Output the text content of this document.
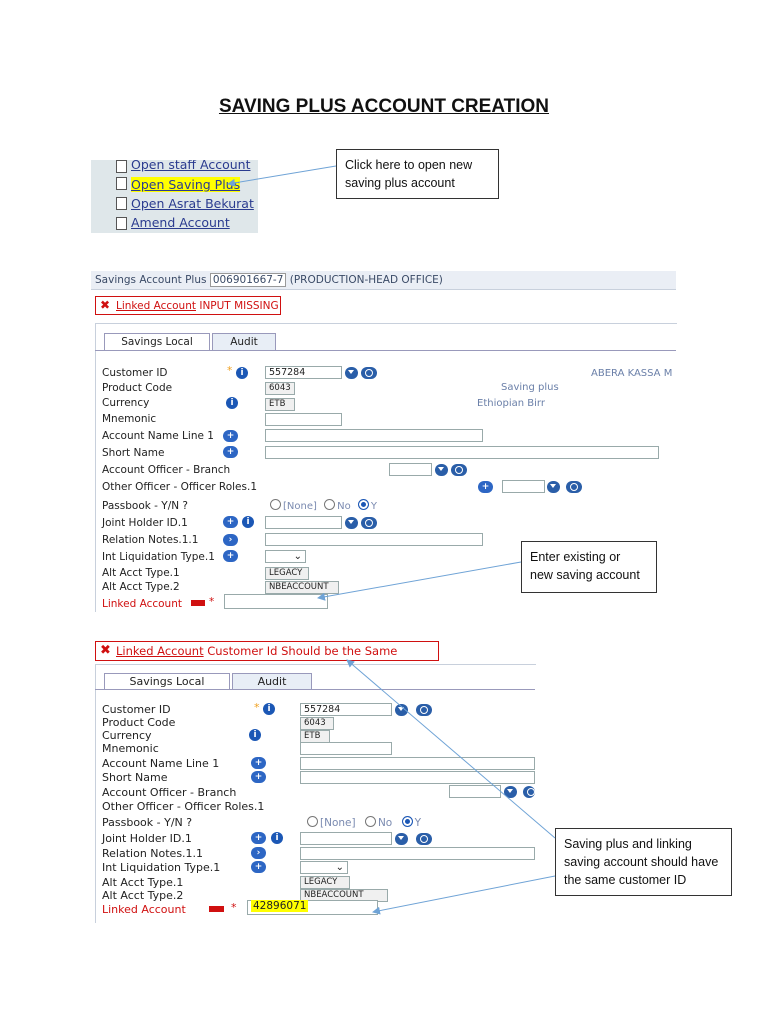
SAVING PLUS ACCOUNT CREATION
Open staff Account
Open Saving Plus
Open Asrat Bekurat
Amend Account
Click here to open new
saving plus account
Savings Account Plus 006901667-7 (PRODUCTION-HEAD OFFICE)
✖ Linked Account INPUT MISSING
Savings Local	Audit
Customer ID	* i	557284	ABERA KASSA M
Product Code	6043	Saving plus
Currency	i	ETB	Ethiopian Birr
Mnemonic
Account Name Line 1	+
Short Name	+
Account Officer - Branch
Other Officer - Officer Roles.1	+
Passbook - Y/N ?	[None] No Y
Joint Holder ID.1	+	i
Relation Notes.1.1	›
Int Liquidation Type.1	+	⌄
Alt Acct Type.1	LEGACY
Alt Acct Type.2	NBEACCOUNT
Linked Account	*
Enter existing or
new saving account
✖ Linked Account Customer Id Should be the Same
Savings Local	Audit
Customer ID	* i	557284
Product Code	6043
Currency	i	ETB
Mnemonic
Account Name Line 1	+
Short Name	+
Account Officer - Branch
Other Officer - Officer Roles.1
Passbook - Y/N ?	[None] No Y
Joint Holder ID.1	+	i
Relation Notes.1.1	›
Int Liquidation Type.1	+	⌄
Alt Acct Type.1	LEGACY
Alt Acct Type.2	NBEACCOUNT
Linked Account	*	42896071
Saving plus and linking
saving account should have
the same customer ID
